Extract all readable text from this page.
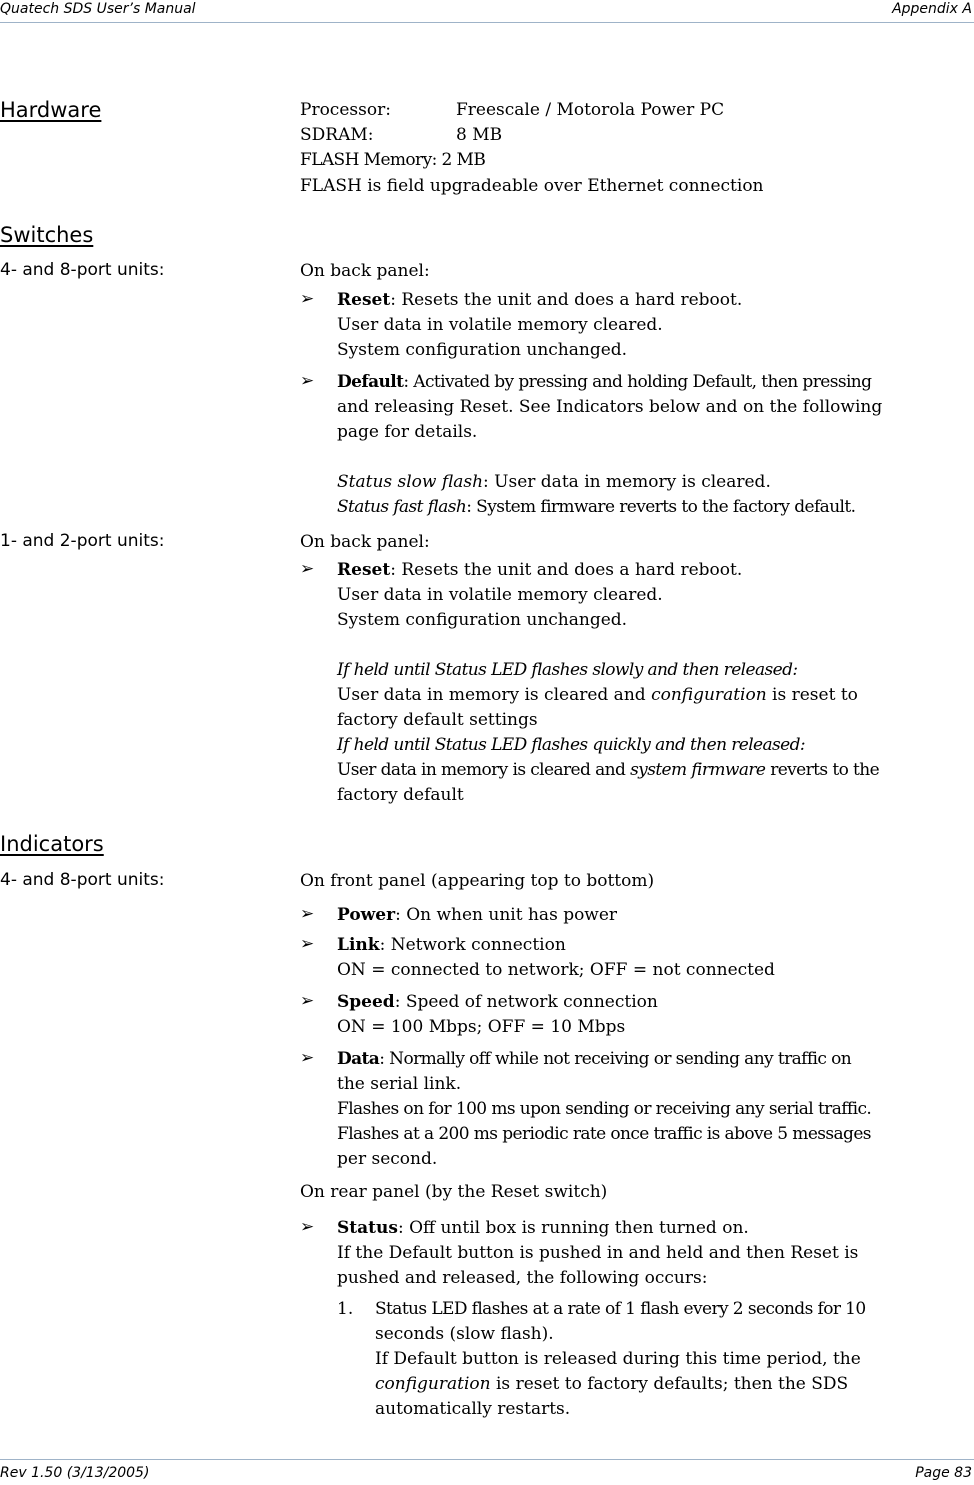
Quatech SDS User’s Manual	Appendix A
Hardware	Processor:	Freescale / Motorola Power PC
SDRAM:	8 MB
FLASH Memory: 2 MB
FLASH is field upgradeable over Ethernet connection
Switches
4- and 8-port units:	On back panel:
➢ Reset: Resets the unit and does a hard reboot.
User data in volatile memory cleared.
System configuration unchanged.
➢ Default: Activated by pressing and holding Default, then pressing
and releasing Reset. See Indicators below and on the following
page for details.
Status slow flash: User data in memory is cleared.
Status fast flash: System firmware reverts to the factory default.
1- and 2-port units:	On back panel:
➢ Reset: Resets the unit and does a hard reboot.
User data in volatile memory cleared.
System configuration unchanged.
If held until Status LED flashes slowly and then released:
User data in memory is cleared and configuration is reset to
factory default settings
If held until Status LED flashes quickly and then released:
User data in memory is cleared and system firmware reverts to the
factory default
Indicators
4- and 8-port units:	On front panel (appearing top to bottom)
➢ Power: On when unit has power
➢ Link: Network connection
ON = connected to network; OFF = not connected
➢ Speed: Speed of network connection
ON = 100 Mbps; OFF = 10 Mbps
➢ Data: Normally off while not receiving or sending any traffic on
the serial link.
Flashes on for 100 ms upon sending or receiving any serial traffic.
Flashes at a 200 ms periodic rate once traffic is above 5 messages
per second.
On rear panel (by the Reset switch)
➢ Status: Off until box is running then turned on.
If the Default button is pushed in and held and then Reset is
pushed and released, the following occurs:
1. Status LED flashes at a rate of 1 flash every 2 seconds for 10
seconds (slow flash).
If Default button is released during this time period, the
configuration is reset to factory defaults; then the SDS
automatically restarts.
Rev 1.50 (3/13/2005)	Page 83
